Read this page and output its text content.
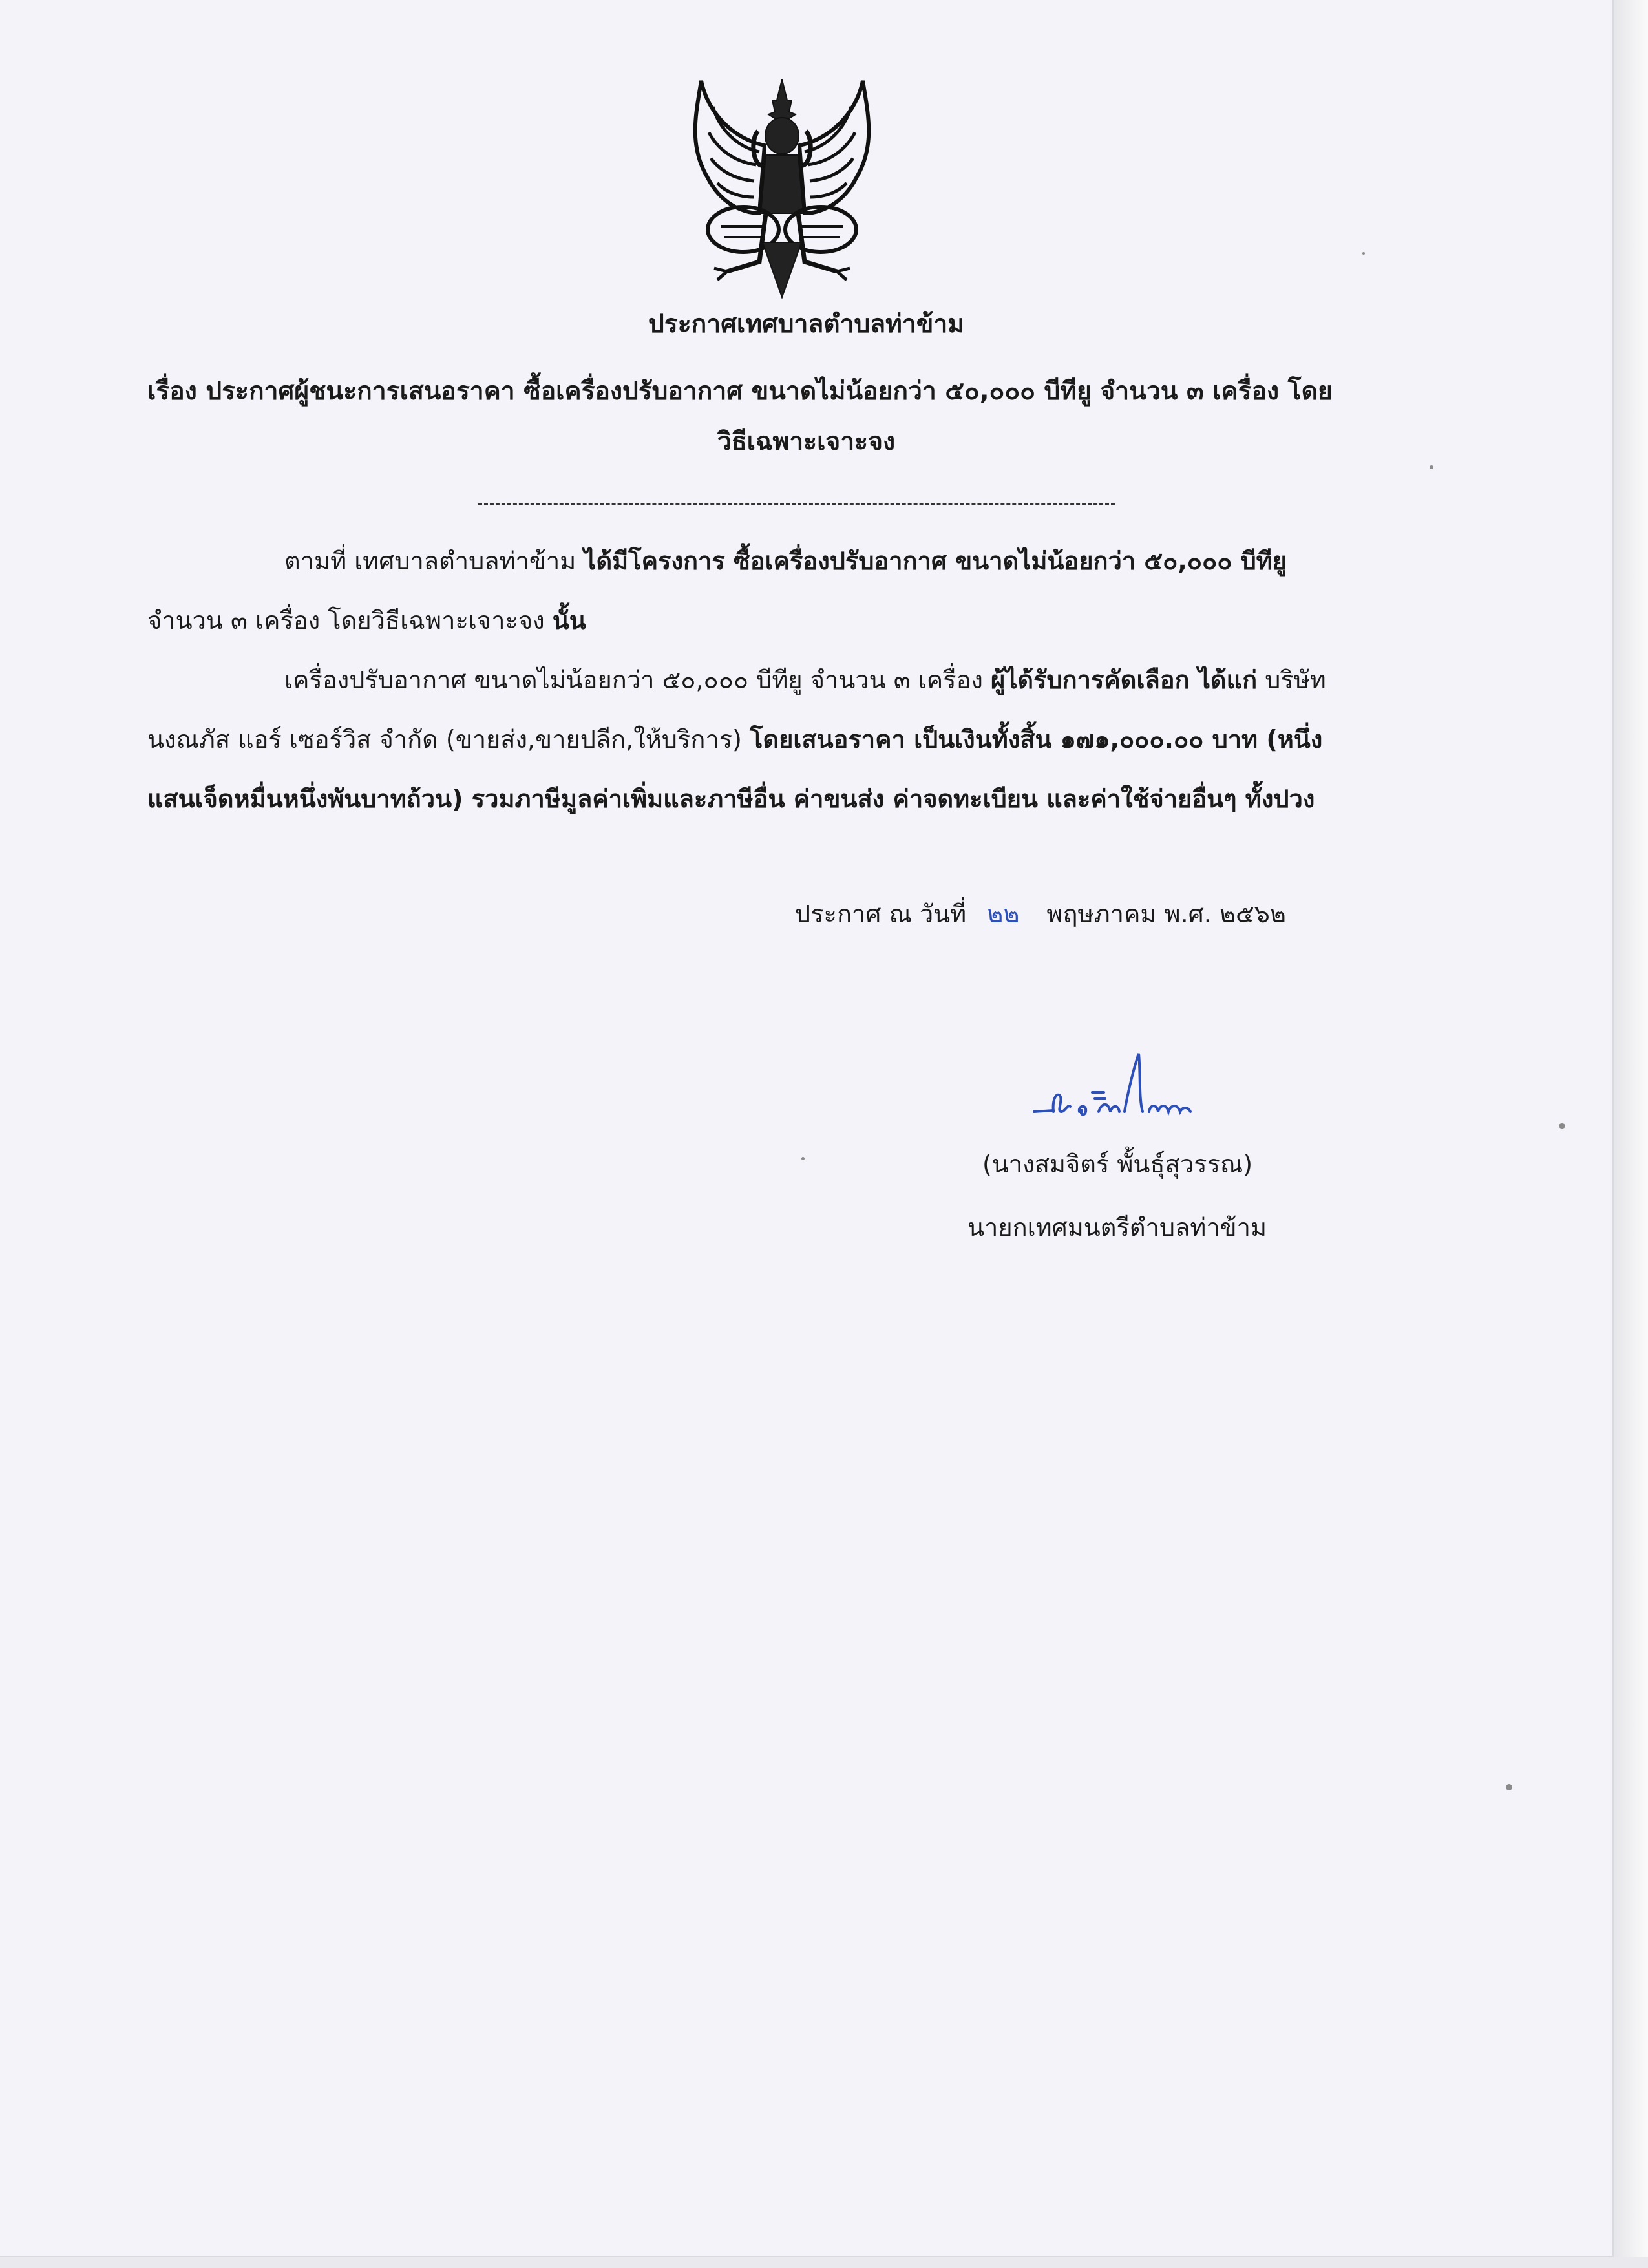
ประกาศเทศบาลตำบลท่าข้าม
เรื่อง ประกาศผู้ชนะการเสนอราคา ซื้อเครื่องปรับอากาศ ขนาดไม่น้อยกว่า ๕๐,๐๐๐ บีทียู จำนวน ๓ เครื่อง โดย
วิธีเฉพาะเจาะจง
ตามที่ เทศบาลตำบลท่าข้าม ได้มีโครงการ ซื้อเครื่องปรับอากาศ ขนาดไม่น้อยกว่า ๕๐,๐๐๐ บีทียู
จำนวน ๓ เครื่อง โดยวิธีเฉพาะเจาะจง นั้น
เครื่องปรับอากาศ ขนาดไม่น้อยกว่า ๕๐,๐๐๐ บีทียู จำนวน ๓ เครื่อง ผู้ได้รับการคัดเลือก ได้แก่ บริษัท
นงณภัส แอร์ เซอร์วิส จำกัด (ขายส่ง,ขายปลีก,ให้บริการ) โดยเสนอราคา เป็นเงินทั้งสิ้น ๑๗๑,๐๐๐.๐๐ บาท (หนึ่ง
แสนเจ็ดหมื่นหนึ่งพันบาทถ้วน) รวมภาษีมูลค่าเพิ่มและภาษีอื่น ค่าขนส่ง ค่าจดทะเบียน และค่าใช้จ่ายอื่นๆ ทั้งปวง
ประกาศ ณ วันที่ ๒๒ พฤษภาคม พ.ศ. ๒๕๖๒
(นางสมจิตร์ พั้นธุ์สุวรรณ)
นายกเทศมนตรีตำบลท่าข้าม
